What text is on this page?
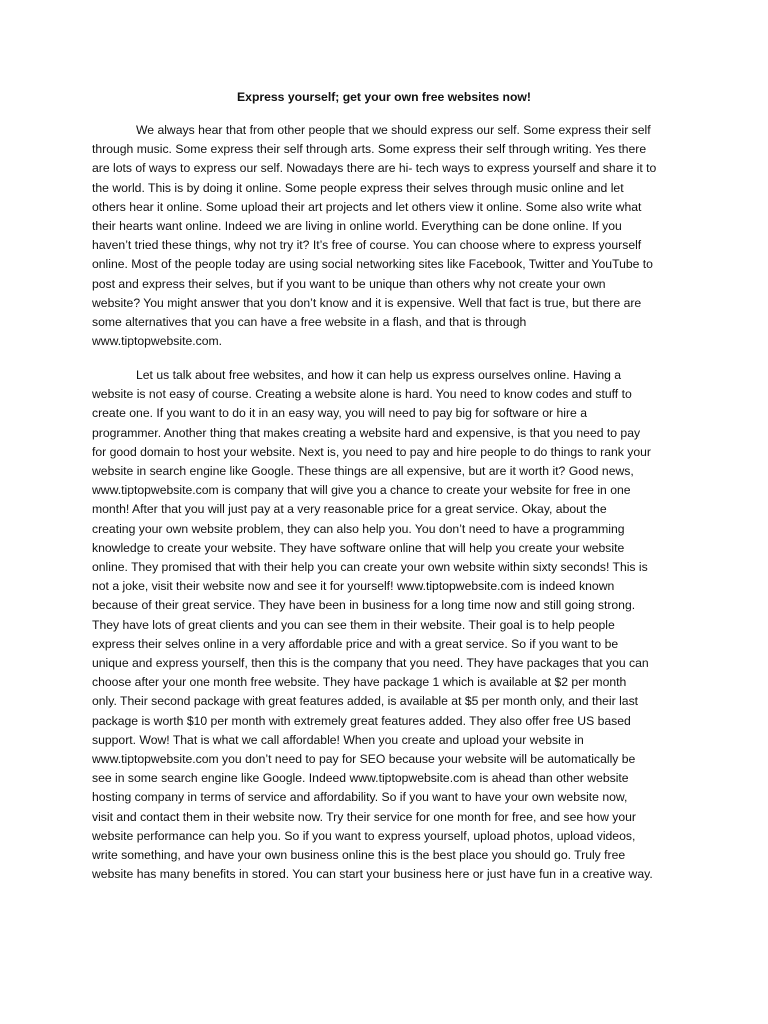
Express yourself; get your own free websites now!
We always hear that from other people that we should express our self. Some express their self
through music. Some express their self through arts. Some express their self through writing. Yes there
are lots of ways to express our self. Nowadays there are hi- tech ways to express yourself and share it to
the world. This is by doing it online. Some people express their selves through music online and let
others hear it online. Some upload their art projects and let others view it online. Some also write what
their hearts want online. Indeed we are living in online world. Everything can be done online. If you
haven’t tried these things, why not try it? It’s free of course. You can choose where to express yourself
online. Most of the people today are using social networking sites like Facebook, Twitter and YouTube to
post and express their selves, but if you want to be unique than others why not create your own
website? You might answer that you don’t know and it is expensive. Well that fact is true, but there are
some alternatives that you can have a free website in a flash, and that is through
www.tiptopwebsite.com.
Let us talk about free websites, and how it can help us express ourselves online. Having a
website is not easy of course. Creating a website alone is hard. You need to know codes and stuff to
create one. If you want to do it in an easy way, you will need to pay big for software or hire a
programmer. Another thing that makes creating a website hard and expensive, is that you need to pay
for good domain to host your website. Next is, you need to pay and hire people to do things to rank your
website in search engine like Google. These things are all expensive, but are it worth it? Good news,
www.tiptopwebsite.com is company that will give you a chance to create your website for free in one
month! After that you will just pay at a very reasonable price for a great service. Okay, about the
creating your own website problem, they can also help you. You don’t need to have a programming
knowledge to create your website. They have software online that will help you create your website
online. They promised that with their help you can create your own website within sixty seconds! This is
not a joke, visit their website now and see it for yourself! www.tiptopwebsite.com is indeed known
because of their great service. They have been in business for a long time now and still going strong.
They have lots of great clients and you can see them in their website. Their goal is to help people
express their selves online in a very affordable price and with a great service. So if you want to be
unique and express yourself, then this is the company that you need. They have packages that you can
choose after your one month free website. They have package 1 which is available at $2 per month
only. Their second package with great features added, is available at $5 per month only, and their last
package is worth $10 per month with extremely great features added. They also offer free US based
support. Wow! That is what we call affordable! When you create and upload your website in
www.tiptopwebsite.com you don’t need to pay for SEO because your website will be automatically be
see in some search engine like Google. Indeed www.tiptopwebsite.com is ahead than other website
hosting company in terms of service and affordability. So if you want to have your own website now,
visit and contact them in their website now. Try their service for one month for free, and see how your
website performance can help you. So if you want to express yourself, upload photos, upload videos,
write something, and have your own business online this is the best place you should go. Truly free
website has many benefits in stored. You can start your business here or just have fun in a creative way.
